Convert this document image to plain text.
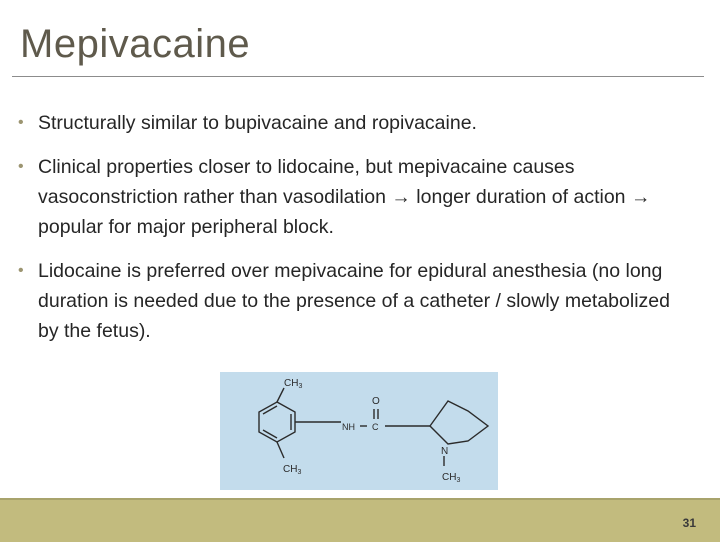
Mepivacaine
• Structurally similar to bupivacaine and ropivacaine.
• Clinical properties closer to lidocaine, but mepivacaine causes vasoconstriction rather than vasodilation → longer duration of action → popular for major peripheral block.
• Lidocaine is preferred over mepivacaine for epidural anesthesia (no long duration is needed due to the presence of a catheter / slowly metabolized by the fetus).
$CH_3$
$CH_3$
O
NH C
N
$CH_3$
31
